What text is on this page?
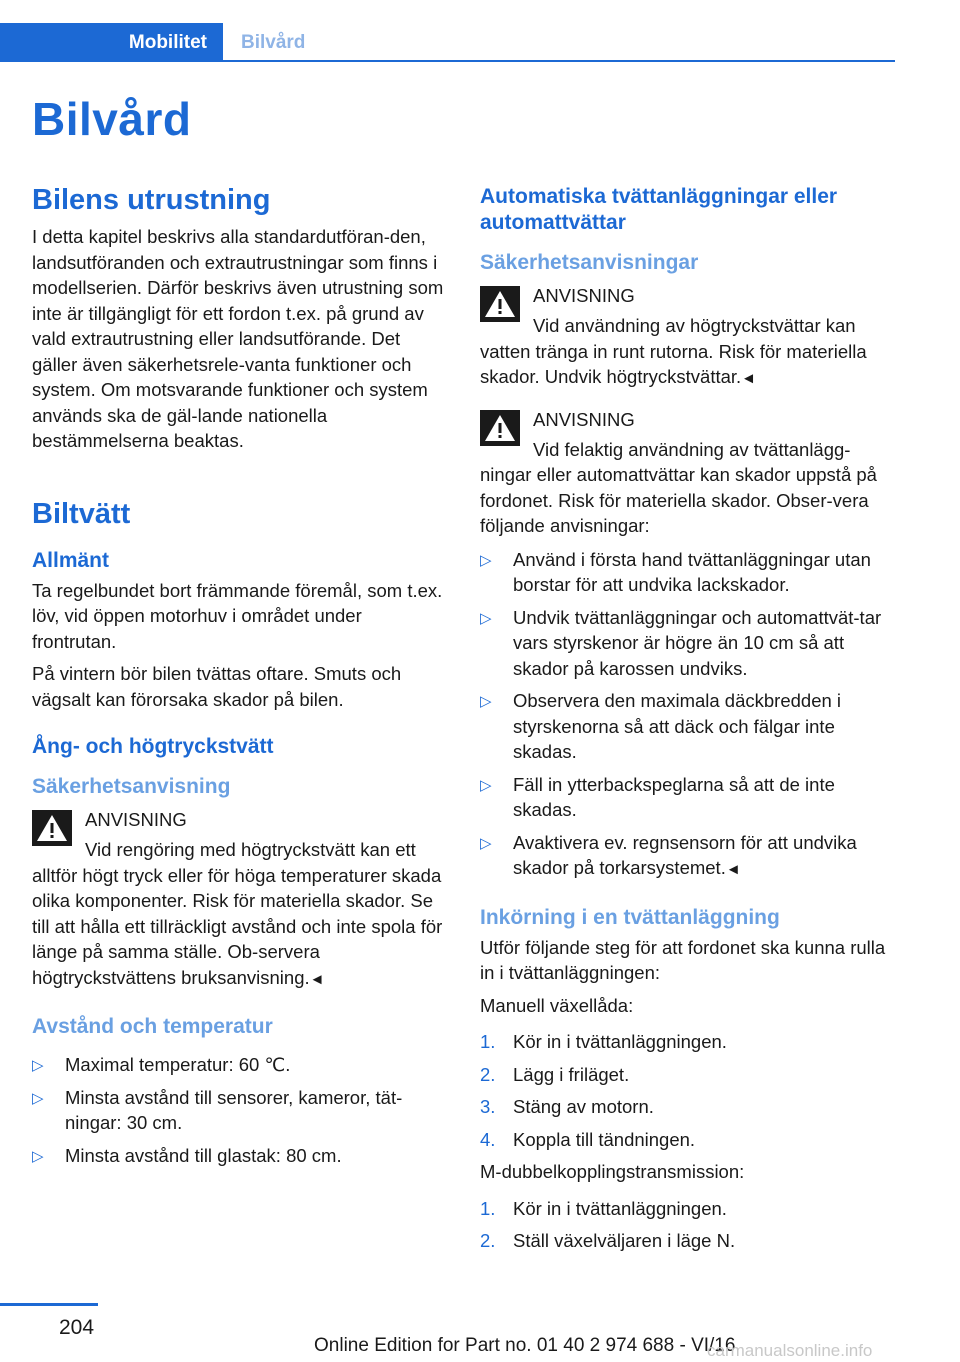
Mobilitet	Bilvård
Bilvård
Bilens utrustning

I detta kapitel beskrivs alla standardutföran-den, landsutföranden och extrautrustningar som finns i modellserien. Därför beskrivs även utrustning som inte är tillgängligt för ett fordon t.ex. på grund av vald extrautrustning eller landsutförande. Det gäller även säkerhetsrele-vanta funktioner och system. Om motsvarande funktioner och system används ska de gäl-lande nationella bestämmelserna beaktas.

Biltvätt
Allmänt

Ta regelbundet bort främmande föremål, som t.ex. löv, vid öppen motorhuv i området under frontrutan.

På vintern bör bilen tvättas oftare. Smuts och vägsalt kan förorsaka skador på bilen.

Ång- och högtryckstvätt
Säkerhetsanvisning
ANVISNING

Vid rengöring med högtryckstvätt kan ett alltför högt tryck eller för höga temperaturer skada olika komponenter. Risk för materiella skador. Se till att hålla ett tillräckligt avstånd och inte spola för länge på samma ställe. Ob-servera högtryckstvättens bruksanvisning.◄

Avstånd och temperatur
▷ Maximal temperatur: 60 ℃.
▷ Minsta avstånd till sensorer, kameror, tät-ningar: 30 cm.
▷ Minsta avstånd till glastak: 80 cm.
Automatiska tvättanläggningar eller automattvättar
Säkerhetsanvisningar
ANVISNING

Vid användning av högtryckstvättar kan vatten tränga in runt rutorna. Risk för materiella skador. Undvik högtryckstvättar.◄

ANVISNING

Vid felaktig användning av tvättanlägg-ningar eller automattvättar kan skador uppstå på fordonet. Risk för materiella skador. Obser-vera följande anvisningar:

▷ Använd i första hand tvättanläggningar utan borstar för att undvika lackskador.
▷ Undvik tvättanläggningar och automattvät-tar vars styrskenor är högre än 10 cm så att skador på karossen undviks.
▷ Observera den maximala däckbredden i styrskenorna så att däck och fälgar inte skadas.
▷ Fäll in ytterbackspeglarna så att de inte skadas.
▷ Avaktivera ev. regnsensorn för att undvika skador på torkarsystemet.◄
Inkörning i en tvättanläggning

Utför följande steg för att fordonet ska kunna rulla in i tvättanläggningen:

Manuell växellåda:

1. Kör in i tvättanläggningen.
2. Lägg i friläget.
3. Stäng av motorn.
4. Koppla till tändningen.

M-dubbelkopplingstransmission:

1. Kör in i tvättanläggningen.
2. Ställ växelväljaren i läge N.
204
Online Edition for Part no. 01 40 2 974 688 - VI/16
carmanualsonline.info
